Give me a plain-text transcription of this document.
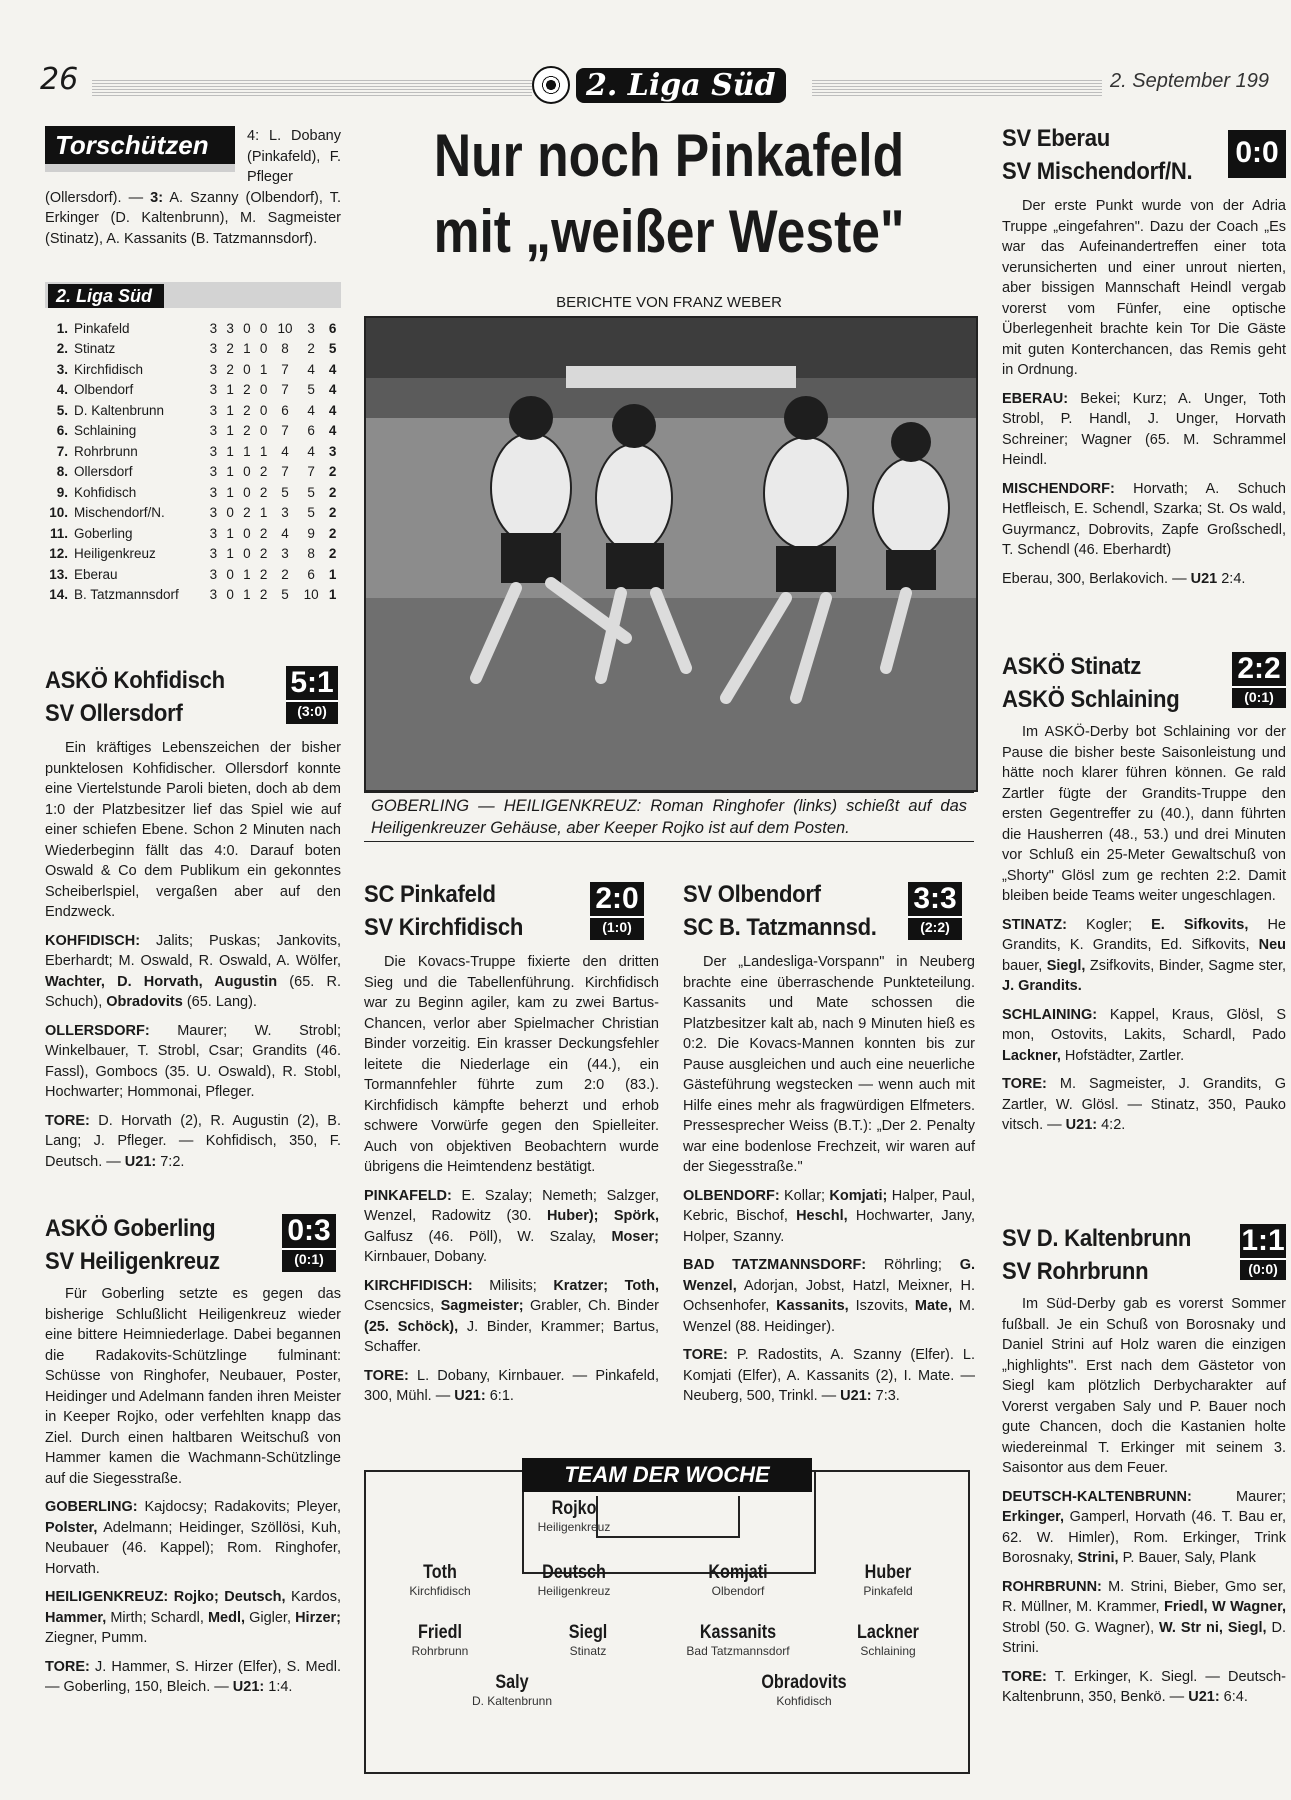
26	2. Liga Süd	2. September 199
Torschützen	4: L. Dobany (Pinkafeld), F. Pfleger (Ollersdorf). — 3: A. Szanny (Olbendorf), T. Erkinger (D. Kaltenbrunn), M. Sagmeister (Stinatz), A. Kassanits (B. Tatzmannsdorf).
2. Liga Süd
1.	Pinkafeld	3	3	0	0	10	3	6
2.	Stinatz	3	2	1	0	8	2	5
3.	Kirchfidisch	3	2	0	1	7	4	4
4.	Olbendorf	3	1	2	0	7	5	4
5.	D. Kaltenbrunn	3	1	2	0	6	4	4
6.	Schlaining	3	1	2	0	7	6	4
7.	Rohrbrunn	3	1	1	1	4	4	3
8.	Ollersdorf	3	1	0	2	7	7	2
9.	Kohfidisch	3	1	0	2	5	5	2
10.	Mischendorf/N.	3	0	2	1	3	5	2
11.	Goberling	3	1	0	2	4	9	2
12.	Heiligenkreuz	3	1	0	2	3	8	2
13.	Eberau	3	0	1	2	2	6	1
14.	B. Tatzmannsdorf	3	0	1	2	5	10	1
ASKÖ Kohfidisch
SV Ollersdorf
5:1
(3:0)

Ein kräftiges Lebenszeichen der bisher punktelosen Kohfidischer. Ollersdorf konnte eine Viertelstunde Paroli bieten, doch ab dem 1:0 der Platzbesitzer lief das Spiel wie auf einer schiefen Ebene. Schon 2 Minuten nach Wiederbeginn fällt das 4:0. Darauf boten Oswald & Co dem Publikum ein gekonntes Scheiberlspiel, vergaßen aber auf den Endzweck.

KOHFIDISCH: Jalits; Puskas; Jankovits, Eberhardt; M. Oswald, R. Oswald, A. Wölfer, Wachter, D. Horvath, Augustin (65. R. Schuch), Obradovits (65. Lang).

OLLERSDORF: Maurer; W. Strobl; Winkelbauer, T. Strobl, Csar; Grandits (46. Fassl), Gombocs (35. U. Oswald), R. Stobl, Hochwarter; Hommonai, Pfleger.

TORE: D. Horvath (2), R. Augustin (2), B. Lang; J. Pfleger. — Kohfidisch, 350, F. Deutsch. — U21: 7:2.

ASKÖ Goberling
SV Heiligenkreuz
0:3
(0:1)

Für Goberling setzte es gegen das bisherige Schlußlicht Heiligenkreuz wieder eine bittere Heimniederlage. Dabei begannen die Radakovits-Schützlinge fulminant: Schüsse von Ringhofer, Neubauer, Poster, Heidinger und Adelmann fanden ihren Meister in Keeper Rojko, oder verfehlten knapp das Ziel. Durch einen haltbaren Weitschuß von Hammer kamen die Wachmann-Schützlinge auf die Siegesstraße.

GOBERLING: Kajdocsy; Radakovits; Pleyer, Polster, Adelmann; Heidinger, Szöllösi, Kuh, Neubauer (46. Kappel); Rom. Ringhofer, Horvath.

HEILIGENKREUZ: Rojko; Deutsch, Kardos, Hammer, Mirth; Schardl, Medl, Gigler, Hirzer; Ziegner, Pumm.

TORE: J. Hammer, S. Hirzer (Elfer), S. Medl. — Goberling, 150, Bleich. — U21: 1:4.

Nur noch Pinkafeld
mit „weißer Weste"
BERICHTE VON FRANZ WEBER
GOBERLING — HEILIGENKREUZ: Roman Ringhofer (links) schießt auf das Heiligenkreuzer Gehäuse, aber Keeper Rojko ist auf dem Posten.
SC Pinkafeld
SV Kirchfidisch
2:0
(1:0)

Die Kovacs-Truppe fixierte den dritten Sieg und die Tabellenführung. Kirchfidisch war zu Beginn agiler, kam zu zwei Bartus-Chancen, verlor aber Spielmacher Christian Binder vorzeitig. Ein krasser Deckungsfehler leitete die Niederlage ein (44.), ein Tormannfehler führte zum 2:0 (83.). Kirchfidisch kämpfte beherzt und erhob schwere Vorwürfe gegen den Spielleiter. Auch von objektiven Beobachtern wurde übrigens die Heimtendenz bestätigt.

PINKAFELD: E. Szalay; Nemeth; Salzger, Wenzel, Radowitz (30. Huber); Spörk, Galfusz (46. Pöll), W. Szalay, Moser; Kirnbauer, Dobany.

KIRCHFIDISCH: Milisits; Kratzer; Toth, Csencsics, Sagmeister; Grabler, Ch. Binder (25. Schöck), J. Binder, Krammer; Bartus, Schaffer.

TORE: L. Dobany, Kirnbauer. — Pinkafeld, 300, Mühl. — U21: 6:1.

SV Olbendorf
SC B. Tatzmannsd.
3:3
(2:2)

Der „Landesliga-Vorspann" in Neuberg brachte eine überraschende Punkteteilung. Kassanits und Mate schossen die Platzbesitzer kalt ab, nach 9 Minuten hieß es 0:2. Die Kovacs-Mannen konnten bis zur Pause ausgleichen und auch eine neuerliche Gästeführung wegstecken — wenn auch mit Hilfe eines mehr als fragwürdigen Elfmeters. Pressesprecher Weiss (B.T.): „Der 2. Penalty war eine bodenlose Frechzeit, wir waren auf der Siegesstraße."

OLBENDORF: Kollar; Komjati; Halper, Paul, Kebric, Bischof, Heschl, Hochwarter, Jany, Holper, Szanny.

BAD TATZMANNSDORF: Röhrling; G. Wenzel, Adorjan, Jobst, Hatzl, Meixner, H. Ochsenhofer, Kassanits, Iszovits, Mate, M. Wenzel (88. Heidinger).

TORE: P. Radostits, A. Szanny (Elfer). L. Komjati (Elfer), A. Kassanits (2), I. Mate. — Neuberg, 500, Trinkl. — U21: 7:3.

TEAM DER WOCHE
Rojko
Heiligenkreuz
Toth
Kirchfidisch
Deutsch
Heiligenkreuz
Komjati
Olbendorf
Huber
Pinkafeld
Friedl
Rohrbrunn
Siegl
Stinatz
Kassanits
Bad Tatzmannsdorf
Lackner
Schlaining
Saly
D. Kaltenbrunn
Obradovits
Kohfidisch
SV Eberau
SV Mischendorf/N.
0:0

Der erste Punkt wurde von der Adria Truppe „eingefahren". Dazu der Coach „Es war das Aufeinandertreffen einer tota verunsicherten und einer unrout nierten, aber bissigen Mannschaft Heindl vergab vorerst vom Fünfer, eine optische Überlegenheit brachte kein Tor Die Gäste mit guten Konterchancen, das Remis geht in Ordnung.

EBERAU: Bekei; Kurz; A. Unger, Toth Strobl, P. Handl, J. Unger, Horvath Schreiner; Wagner (65. M. Schrammel Heindl.

MISCHENDORF: Horvath; A. Schuch Hetfleisch, E. Schendl, Szarka; St. Os wald, Guyrmancz, Dobrovits, Zapfe Großschedl, T. Schendl (46. Eberhardt)

Eberau, 300, Berlakovich. — U21 2:4.

ASKÖ Stinatz
ASKÖ Schlaining
2:2
(0:1)

Im ASKÖ-Derby bot Schlaining vor der Pause die bisher beste Saisonleistung und hätte noch klarer führen können. Ge rald Zartler fügte der Grandits-Truppe den ersten Gegentreffer zu (40.), dann führten die Hausherren (48., 53.) und drei Minuten vor Schluß ein 25-Meter Gewaltschuß von „Shorty" Glösl zum ge rechten 2:2. Damit bleiben beide Teams weiter ungeschlagen.

STINATZ: Kogler; E. Sifkovits, He Grandits, K. Grandits, Ed. Sifkovits, Neu bauer, Siegl, Zsifkovits, Binder, Sagme ster, J. Grandits.

SCHLAINING: Kappel, Kraus, Glösl, S mon, Ostovits, Lakits, Schardl, Pado Lackner, Hofstädter, Zartler.

TORE: M. Sagmeister, J. Grandits, G Zartler, W. Glösl. — Stinatz, 350, Pauko vitsch. — U21: 4:2.

SV D. Kaltenbrunn
SV Rohrbrunn
1:1
(0:0)

Im Süd-Derby gab es vorerst Sommer fußball. Je ein Schuß von Borosnaky und Daniel Strini auf Holz waren die einzigen „highlights". Erst nach dem Gästetor von Siegl kam plötzlich Derbycharakter auf Vorerst vergaben Saly und P. Bauer noch gute Chancen, doch die Kastanien holte wiedereinmal T. Erkinger mit seinem 3. Saisontor aus dem Feuer.

DEUTSCH-KALTENBRUNN: Maurer; Erkinger, Gamperl, Horvath (46. T. Bau er, 62. W. Himler), Rom. Erkinger, Trink Borosnaky, Strini, P. Bauer, Saly, Plank

ROHRBRUNN: M. Strini, Bieber, Gmo ser, R. Müllner, M. Krammer, Friedl, W Wagner, Strobl (50. G. Wagner), W. Str ni, Siegl, D. Strini.

TORE: T. Erkinger, K. Siegl. — Deutsch-Kaltenbrunn, 350, Benkö. — U21: 6:4.
